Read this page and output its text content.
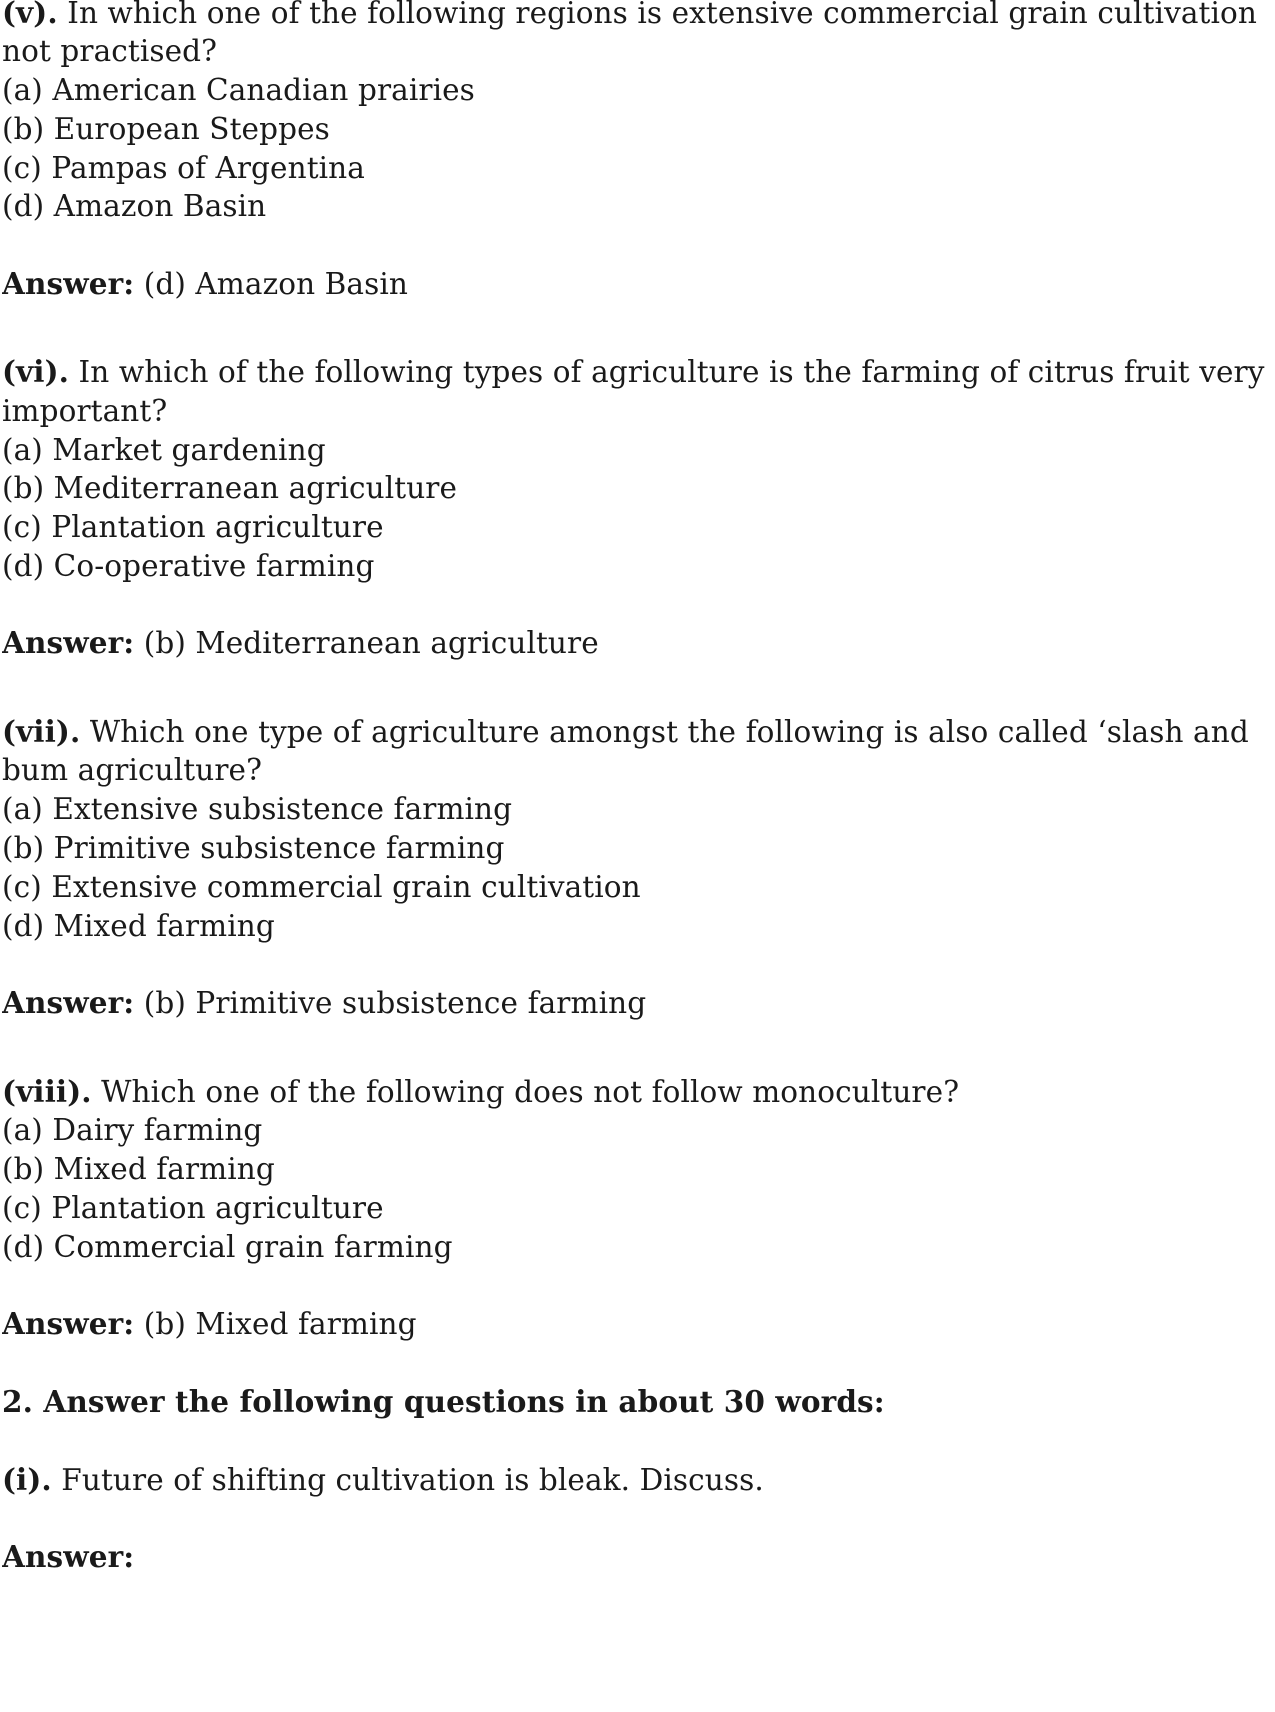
(v). In which one of the following regions is extensive commercial grain cultivation
not practised?
(a) American Canadian prairies
(b) European Steppes
(c) Pampas of Argentina
(d) Amazon Basin
Answer: (d) Amazon Basin
(vi). In which of the following types of agriculture is the farming of citrus fruit very
important?
(a) Market gardening
(b) Mediterranean agriculture
(c) Plantation agriculture
(d) Co-operative farming
Answer: (b) Mediterranean agriculture
(vii). Which one type of agriculture amongst the following is also called ‘slash and
bum agriculture?
(a) Extensive subsistence farming
(b) Primitive subsistence farming
(c) Extensive commercial grain cultivation
(d) Mixed farming
Answer: (b) Primitive subsistence farming
(viii). Which one of the following does not follow monoculture?
(a) Dairy farming
(b) Mixed farming
(c) Plantation agriculture
(d) Commercial grain farming
Answer: (b) Mixed farming
2. Answer the following questions in about 30 words:
(i). Future of shifting cultivation is bleak. Discuss.
Answer:
